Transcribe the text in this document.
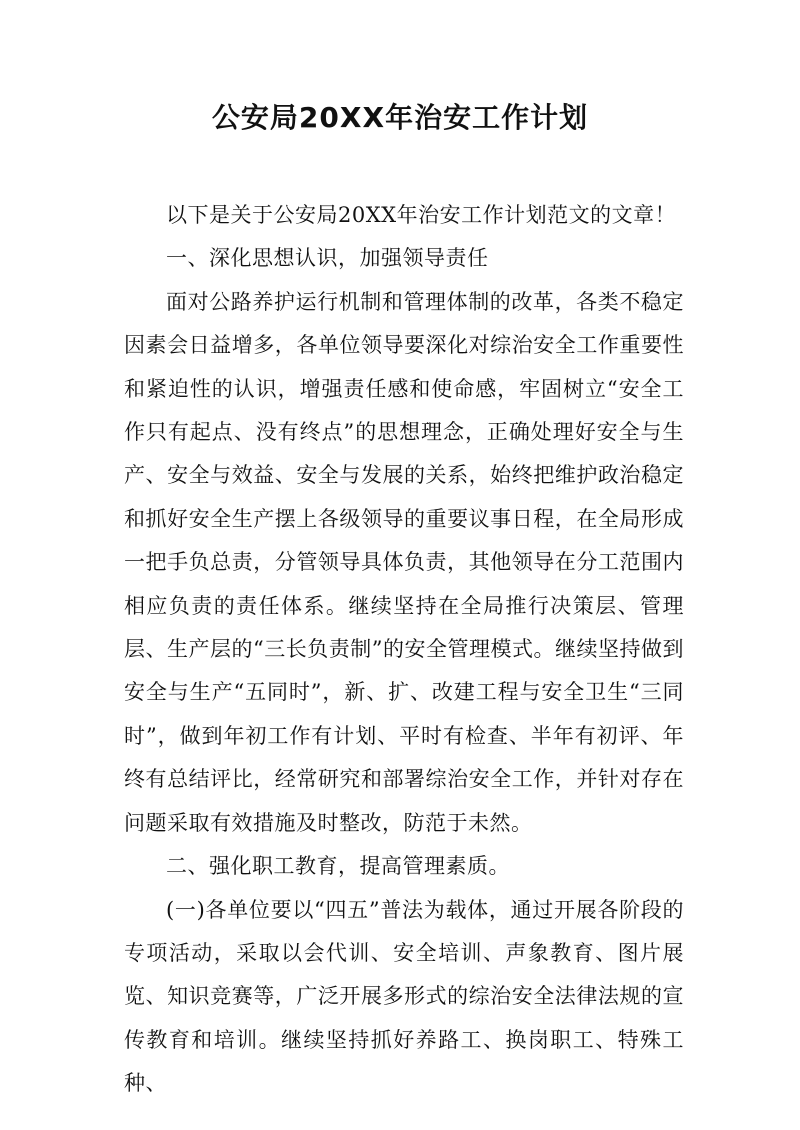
公安局20XX年治安工作计划

以下是关于公安局20XX年治安工作计划范文的文章！

一、深化思想认识，加强领导责任

面对公路养护运行机制和管理体制的改革，各类不稳定因素会日益增多，各单位领导要深化对综治安全工作重要性和紧迫性的认识，增强责任感和使命感，牢固树立“安全工作只有起点、没有终点”的思想理念，正确处理好安全与生产、安全与效益、安全与发展的关系，始终把维护政治稳定和抓好安全生产摆上各级领导的重要议事日程，在全局形成一把手负总责，分管领导具体负责，其他领导在分工范围内相应负责的责任体系。继续坚持在全局推行决策层、管理层、生产层的“三长负责制”的安全管理模式。继续坚持做到安全与生产“五同时”，新、扩、改建工程与安全卫生“三同时”，做到年初工作有计划、平时有检查、半年有初评、年终有总结评比，经常研究和部署综治安全工作，并针对存在问题采取有效措施及时整改，防范于未然。

二、强化职工教育，提高管理素质。

(一)各单位要以“四五”普法为载体，通过开展各阶段的专项活动，采取以会代训、安全培训、声象教育、图片展览、知识竞赛等，广泛开展多形式的综治安全法律法规的宣传教育和培训。继续坚持抓好养路工、换岗职工、特殊工种、
